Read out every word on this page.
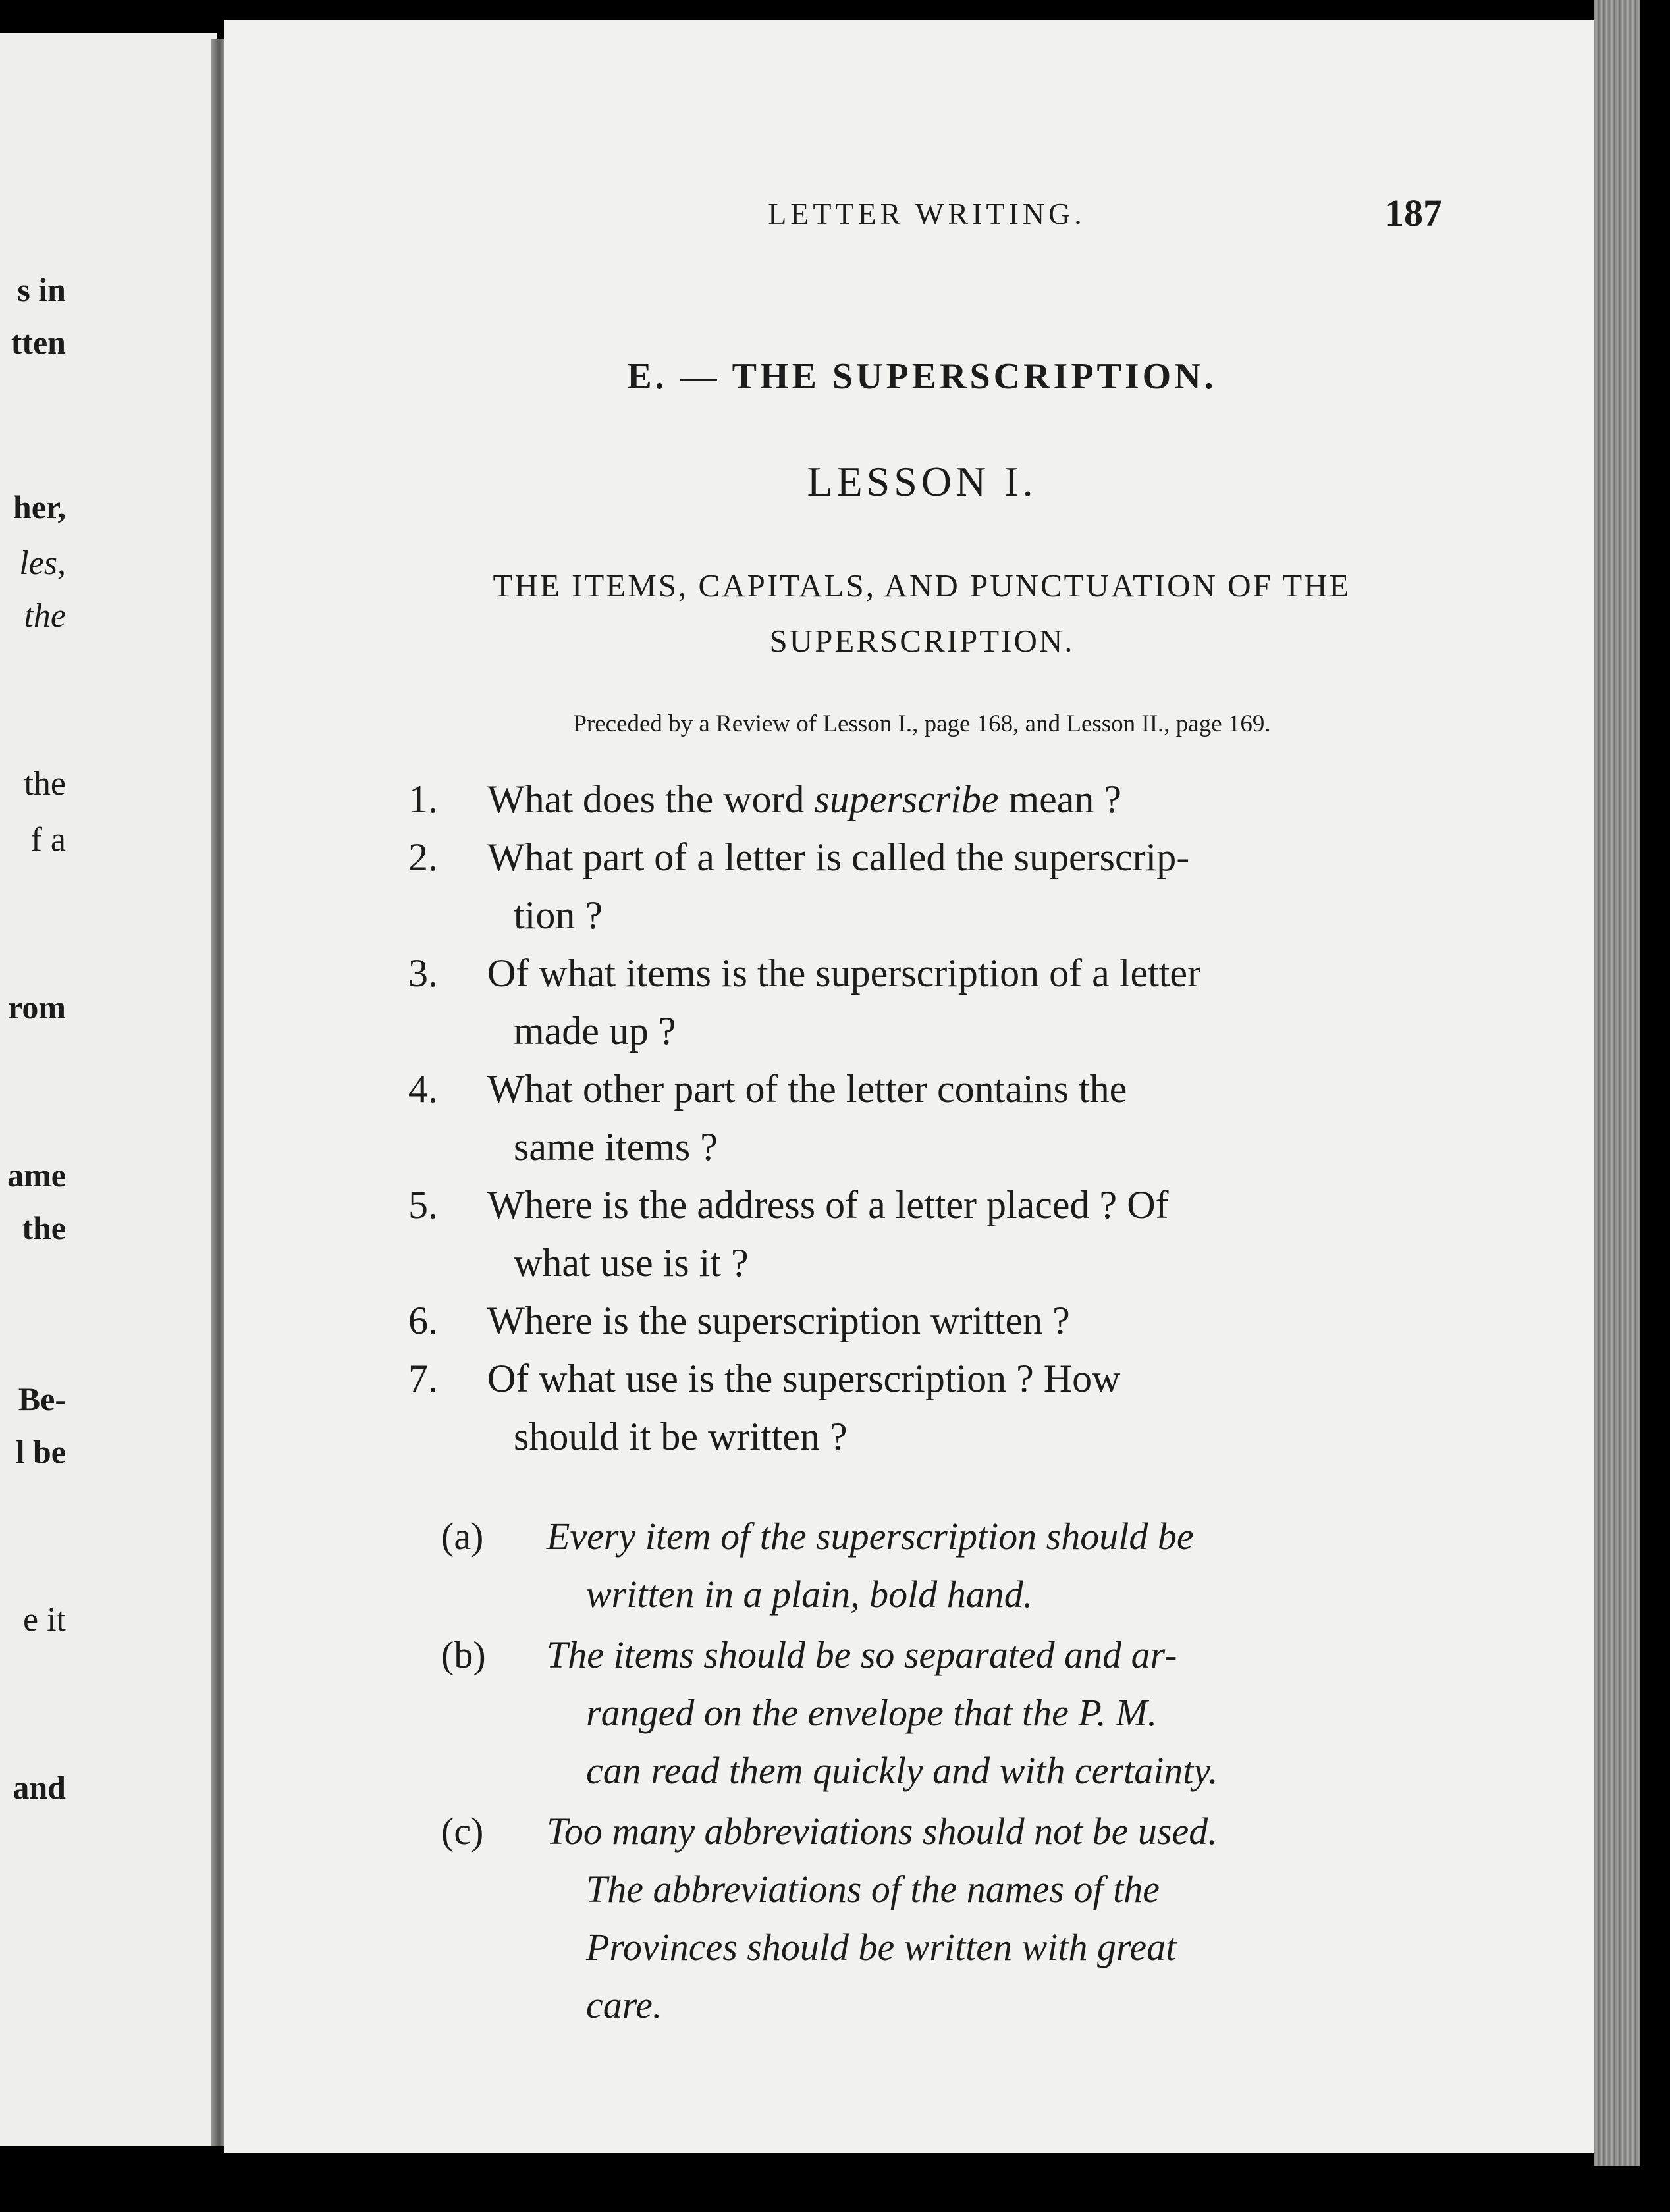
s in
tten
her,
les,
the
the
f a
rom
ame
the
Be-
l be
e it
and
LETTER WRITING.	187
E. — THE SUPERSCRIPTION.
LESSON I.
THE ITEMS, CAPITALS, AND PUNCTUATION OF THE
SUPERSCRIPTION.
Preceded by a Review of Lesson I., page 168, and Lesson II., page 169.
1. What does the word superscribe mean ?
2. What part of a letter is called the superscrip-
tion ?
3. Of what items is the superscription of a letter
made up ?
4. What other part of the letter contains the
same items ?
5. Where is the address of a letter placed ? Of
what use is it ?
6. Where is the superscription written ?
7. Of what use is the superscription ? How
should it be written ?
(a) Every item of the superscription should be
written in a plain, bold hand.
(b) The items should be so separated and ar-
ranged on the envelope that the P. M.
can read them quickly and with certainty.
(c) Too many abbreviations should not be used.
The abbreviations of the names of the
Provinces should be written with great
care.
